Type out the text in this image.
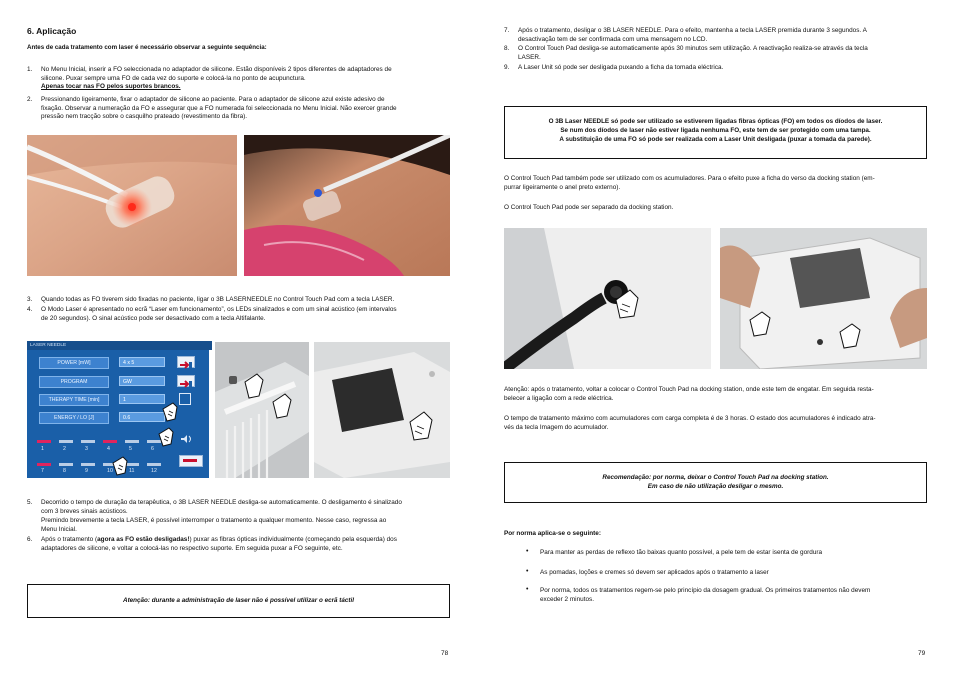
6. Aplicação
Antes de cada tratamento com laser é necessário observar a seguinte sequência:
1. No Menu Inicial, inserir a FO seleccionada no adaptador de silicone. Estão disponíveis 2 tipos diferentes de adaptadores de
silicone. Puxar sempre uma FO de cada vez do suporte e colocá-la no ponto de acupunctura.
Apenas tocar nas FO pelos suportes brancos.
2. Pressionando ligeiramente, fixar o adaptador de silicone ao paciente. Para o adaptador de silicone azul existe adesivo de
fixação. Observar a numeração da FO e assegurar que a FO numerada foi seleccionada no Menu Inicial. Não exercer grande
pressão nem tracção sobre o casquilho prateado (revestimento da fibra).
3. Quando todas as FO tiverem sido fixadas no paciente, ligar o 3B LASERNEEDLE no Control Touch Pad com a tecla LASER.
4. O Modo Laser é apresentado no ecrã “Laser em funcionamento”, os LEDs sinalizados e com um sinal acústico (em intervalos
de 20 segundos). O sinal acústico pode ser desactivado com a tecla Altifalante.
LASER NEEDLE
POWER [mW]	4 x 5
PROGRAM	GW
THERAPY TIME [min]	1
ENERGY / LO [J]	0.6
1	2	3	4	5	6
7	8	9	10	11	12
5. Decorrido o tempo de duração da terapêutica, o 3B LASER NEEDLE desliga-se automaticamente. O desligamento é sinalizado
com 3 breves sinais acústicos.
Premindo brevemente a tecla LASER, é possível interromper o tratamento a qualquer momento. Nesse caso, regressa ao
Menu Inicial.
6. Após o tratamento (agora as FO estão desligadas!) puxar as fibras ópticas individualmente (começando pela esquerda) dos
adaptadores de silicone, e voltar a colocá-las no respectivo suporte. Em seguida puxar a FO seguinte, etc.
Atenção: durante a administração de laser não é possível utilizar o ecrã táctil
78
7. Após o tratamento, desligar o 3B LASER NEEDLE. Para o efeito, mantenha a tecla LASER premida durante 3 segundos. A
desactivação tem de ser confirmada com uma mensagem no LCD.
8. O Control Touch Pad desliga-se automaticamente após 30 minutos sem utilização. A reactivação realiza-se através da tecla
LASER.
9. A Laser Unit só pode ser desligada puxando a ficha da tomada eléctrica.
O 3B Laser NEEDLE só pode ser utilizado se estiverem ligadas fibras ópticas (FO) em todos os díodos de laser.
Se num dos díodos de laser não estiver ligada nenhuma FO, este tem de ser protegido com uma tampa.
A substituição de uma FO só pode ser realizada com a Laser Unit desligada (puxar a tomada da parede).
O Control Touch Pad também pode ser utilizado com os acumuladores. Para o efeito puxe a ficha do verso da docking station (em-
purrar ligeiramente o anel preto externo).
O Control Touch Pad pode ser separado da docking station.
Atenção: após o tratamento, voltar a colocar o Control Touch Pad na docking station, onde este tem de engatar. Em seguida resta-
belecer a ligação com a rede eléctrica.
O tempo de tratamento máximo com acumuladores com carga completa é de 3 horas. O estado dos acumuladores é indicado atra-
vés da tecla Imagem do acumulador.
Recomendação: por norma, deixar o Control Touch Pad na docking station.
Em caso de não utilização desligar o mesmo.
Por norma aplica-se o seguinte:
• Para manter as perdas de reflexo tão baixas quanto possível, a pele tem de estar isenta de gordura
• As pomadas, loções e cremes só devem ser aplicados após o tratamento a laser
• Por norma, todos os tratamentos regem-se pelo princípio da dosagem gradual. Os primeiros tratamentos não devem
exceder 2 minutos.
79
